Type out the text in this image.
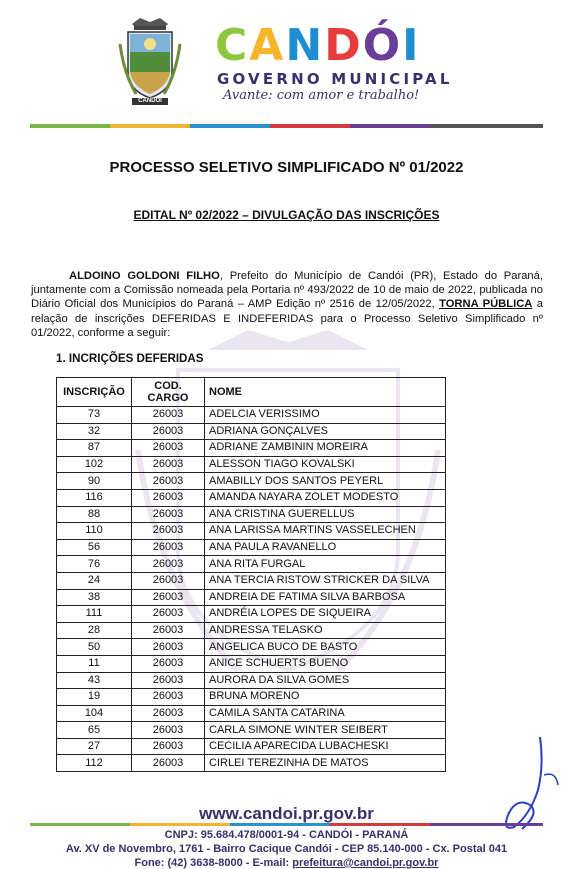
CANDÓI
CANDÓI
GOVERNO MUNICIPAL
Avante: com amor e trabalho!
PROCESSO SELETIVO SIMPLIFICADO Nº 01/2022
EDITAL Nº 02/2022 – DIVULGAÇÃO DAS INSCRIÇÕES
ALDOINO GOLDONI FILHO, Prefeito do Município de Candói (PR), Estado do Paraná, juntamente com a Comissão nomeada pela Portaria nº 493/2022 de 10 de maio de 2022, publicada no Diário Oficial dos Municípios do Paraná – AMP Edição nº 2516 de 12/05/2022, TORNA PÚBLICA a relação de inscrições DEFERIDAS E INDEFERIDAS para o Processo Seletivo Simplificado nº 01/2022, conforme a seguir:
1. INCRIÇÕES DEFERIDAS
INSCRIÇÃO	COD. CARGO	NOME
73	26003	ADELCIA VERISSIMO
32	26003	ADRIANA GONÇALVES
87	26003	ADRIANE ZAMBININ MOREIRA
102	26003	ALESSON TIAGO KOVALSKI
90	26003	AMABILLY DOS SANTOS PEYERL
116	26003	AMANDA NAYARA ZOLET MODESTO
88	26003	ANA CRISTINA GUERELLUS
110	26003	ANA LARISSA MARTINS VASSELECHEN
56	26003	ANA PAULA RAVANELLO
76	26003	ANA RITA FURGAL
24	26003	ANA TERCIA RISTOW STRICKER DA SILVA
38	26003	ANDREIA DE FATIMA SILVA BARBOSA
111	26003	ANDRÉIA LOPES DE SIQUEIRA
28	26003	ANDRESSA TELASKO
50	26003	ANGELICA BUCO DE BASTO
11	26003	ANICE SCHUERTS BUENO
43	26003	AURORA DA SILVA GOMES
19	26003	BRUNA MORENO
104	26003	CAMILA SANTA CATARINA
65	26003	CARLA SIMONE WINTER SEIBERT
27	26003	CECILIA APARECIDA LUBACHESKI
112	26003	CIRLEI TEREZINHA DE MATOS
www.candoi.pr.gov.br
CNPJ: 95.684.478/0001-94 - CANDÓI - PARANÁ
Av. XV de Novembro, 1761 - Bairro Cacique Candói - CEP 85.140-000 - Cx. Postal 041
Fone: (42) 3638-8000 - E-mail: prefeitura@candoi.pr.gov.br
